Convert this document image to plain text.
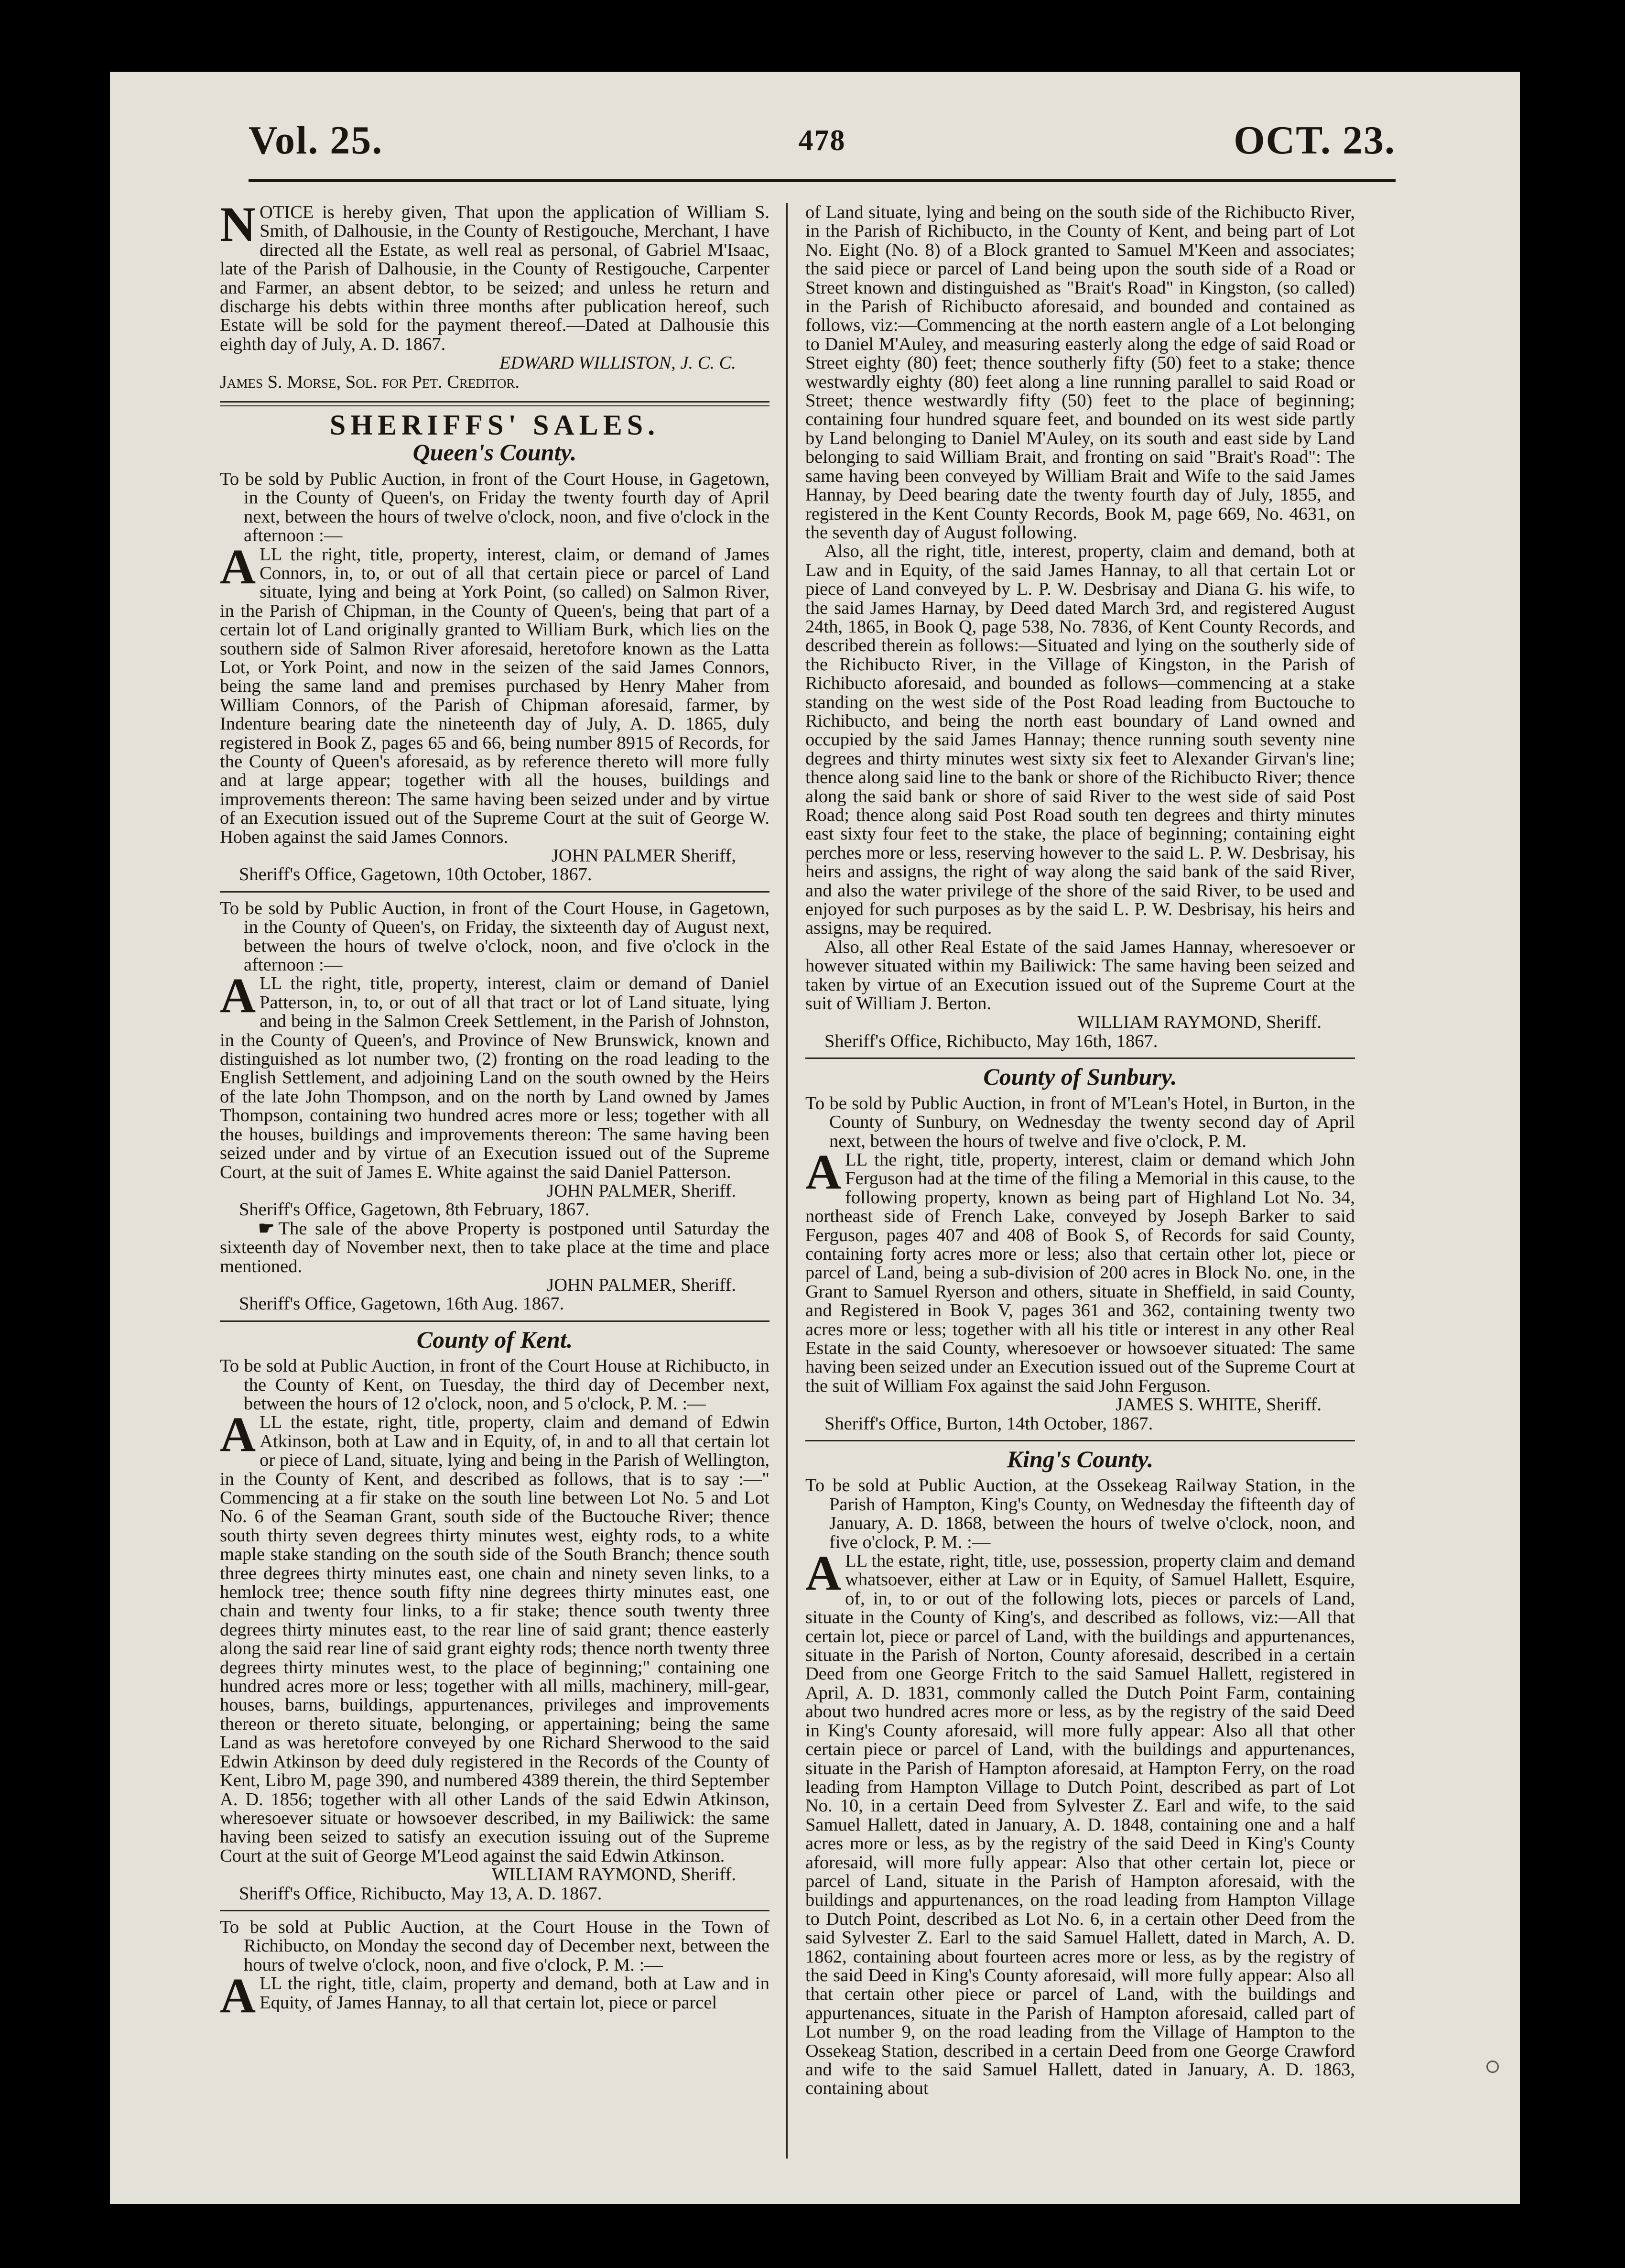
Vol. 25.	478	OCT. 23.

NOTICE is hereby given, That upon the application of William S. Smith, of Dalhousie, in the County of Restigouche, Merchant, I have directed all the Estate, as well real as personal, of Gabriel M'Isaac, late of the Parish of Dalhousie, in the County of Restigouche, Carpenter and Farmer, an absent debtor, to be seized; and unless he return and discharge his debts within three months after publication hereof, such Estate will be sold for the payment thereof.—Dated at Dalhousie this eighth day of July, A. D. 1867.

EDWARD WILLISTON, J. C. C.

James S. Morse, Sol. for Pet. Creditor.

SHERIFFS' SALES.
Queen's County.

To be sold by Public Auction, in front of the Court House, in Gagetown, in the County of Queen's, on Friday the twenty fourth day of April next, between the hours of twelve o'clock, noon, and five o'clock in the afternoon :—

ALL the right, title, property, interest, claim, or demand of James Connors, in, to, or out of all that certain piece or parcel of Land situate, lying and being at York Point, (so called) on Salmon River, in the Parish of Chipman, in the County of Queen's, being that part of a certain lot of Land originally granted to William Burk, which lies on the southern side of Salmon River aforesaid, heretofore known as the Latta Lot, or York Point, and now in the seizen of the said James Connors, being the same land and premises purchased by Henry Maher from William Connors, of the Parish of Chipman aforesaid, farmer, by Indenture bearing date the nineteenth day of July, A. D. 1865, duly registered in Book Z, pages 65 and 66, being number 8915 of Records, for the County of Queen's aforesaid, as by reference thereto will more fully and at large appear; together with all the houses, buildings and improvements thereon: The same having been seized under and by virtue of an Execution issued out of the Supreme Court at the suit of George W. Hoben against the said James Connors.

JOHN PALMER Sheriff,

Sheriff's Office, Gagetown, 10th October, 1867.

To be sold by Public Auction, in front of the Court House, in Gagetown, in the County of Queen's, on Friday, the sixteenth day of August next, between the hours of twelve o'clock, noon, and five o'clock in the afternoon :—

ALL the right, title, property, interest, claim or demand of Daniel Patterson, in, to, or out of all that tract or lot of Land situate, lying and being in the Salmon Creek Settlement, in the Parish of Johnston, in the County of Queen's, and Province of New Brunswick, known and distinguished as lot number two, (2) fronting on the road leading to the English Settlement, and adjoining Land on the south owned by the Heirs of the late John Thompson, and on the north by Land owned by James Thompson, containing two hundred acres more or less; together with all the houses, buildings and improvements thereon: The same having been seized under and by virtue of an Execution issued out of the Supreme Court, at the suit of James E. White against the said Daniel Patterson.

JOHN PALMER, Sheriff.

Sheriff's Office, Gagetown, 8th February, 1867.

☛ The sale of the above Property is postponed until Saturday the sixteenth day of November next, then to take place at the time and place mentioned.

JOHN PALMER, Sheriff.

Sheriff's Office, Gagetown, 16th Aug. 1867.

County of Kent.

To be sold at Public Auction, in front of the Court House at Richibucto, in the County of Kent, on Tuesday, the third day of December next, between the hours of 12 o'clock, noon, and 5 o'clock, P. M. :—

ALL the estate, right, title, property, claim and demand of Edwin Atkinson, both at Law and in Equity, of, in and to all that certain lot or piece of Land, situate, lying and being in the Parish of Wellington, in the County of Kent, and described as follows, that is to say :—" Commencing at a fir stake on the south line between Lot No. 5 and Lot No. 6 of the Seaman Grant, south side of the Buctouche River; thence south thirty seven degrees thirty minutes west, eighty rods, to a white maple stake standing on the south side of the South Branch; thence south three degrees thirty minutes east, one chain and ninety seven links, to a hemlock tree; thence south fifty nine degrees thirty minutes east, one chain and twenty four links, to a fir stake; thence south twenty three degrees thirty minutes east, to the rear line of said grant; thence easterly along the said rear line of said grant eighty rods; thence north twenty three degrees thirty minutes west, to the place of beginning;" containing one hundred acres more or less; together with all mills, machinery, mill-gear, houses, barns, buildings, appurtenances, privileges and improvements thereon or thereto situate, belonging, or appertaining; being the same Land as was heretofore conveyed by one Richard Sherwood to the said Edwin Atkinson by deed duly registered in the Records of the County of Kent, Libro M, page 390, and numbered 4389 therein, the third September A. D. 1856; together with all other Lands of the said Edwin Atkinson, wheresoever situate or howsoever described, in my Bailiwick: the same having been seized to satisfy an execution issuing out of the Supreme Court at the suit of George M'Leod against the said Edwin Atkinson.

WILLIAM RAYMOND, Sheriff.

Sheriff's Office, Richibucto, May 13, A. D. 1867.

To be sold at Public Auction, at the Court House in the Town of Richibucto, on Monday the second day of December next, between the hours of twelve o'clock, noon, and five o'clock, P. M. :—

ALL the right, title, claim, property and demand, both at Law and in Equity, of James Hannay, to all that certain lot, piece or parcel

of Land situate, lying and being on the south side of the Richibucto River, in the Parish of Richibucto, in the County of Kent, and being part of Lot No. Eight (No. 8) of a Block granted to Samuel M'Keen and associates; the said piece or parcel of Land being upon the south side of a Road or Street known and distinguished as "Brait's Road" in Kingston, (so called) in the Parish of Richibucto aforesaid, and bounded and contained as follows, viz:—Commencing at the north eastern angle of a Lot belonging to Daniel M'Auley, and measuring easterly along the edge of said Road or Street eighty (80) feet; thence southerly fifty (50) feet to a stake; thence westwardly eighty (80) feet along a line running parallel to said Road or Street; thence westwardly fifty (50) feet to the place of beginning; containing four hundred square feet, and bounded on its west side partly by Land belonging to Daniel M'Auley, on its south and east side by Land belonging to said William Brait, and fronting on said "Brait's Road": The same having been conveyed by William Brait and Wife to the said James Hannay, by Deed bearing date the twenty fourth day of July, 1855, and registered in the Kent County Records, Book M, page 669, No. 4631, on the seventh day of August following.

Also, all the right, title, interest, property, claim and demand, both at Law and in Equity, of the said James Hannay, to all that certain Lot or piece of Land conveyed by L. P. W. Desbrisay and Diana G. his wife, to the said James Harnay, by Deed dated March 3rd, and registered August 24th, 1865, in Book Q, page 538, No. 7836, of Kent County Records, and described therein as follows:—Situated and lying on the southerly side of the Richibucto River, in the Village of Kingston, in the Parish of Richibucto aforesaid, and bounded as follows—commencing at a stake standing on the west side of the Post Road leading from Buctouche to Richibucto, and being the north east boundary of Land owned and occupied by the said James Hannay; thence running south seventy nine degrees and thirty minutes west sixty six feet to Alexander Girvan's line; thence along said line to the bank or shore of the Richibucto River; thence along the said bank or shore of said River to the west side of said Post Road; thence along said Post Road south ten degrees and thirty minutes east sixty four feet to the stake, the place of beginning; containing eight perches more or less, reserving however to the said L. P. W. Desbrisay, his heirs and assigns, the right of way along the said bank of the said River, and also the water privilege of the shore of the said River, to be used and enjoyed for such purposes as by the said L. P. W. Desbrisay, his heirs and assigns, may be required.

Also, all other Real Estate of the said James Hannay, wheresoever or however situated within my Bailiwick: The same having been seized and taken by virtue of an Execution issued out of the Supreme Court at the suit of William J. Berton.

WILLIAM RAYMOND, Sheriff.

Sheriff's Office, Richibucto, May 16th, 1867.

County of Sunbury.

To be sold by Public Auction, in front of M'Lean's Hotel, in Burton, in the County of Sunbury, on Wednesday the twenty second day of April next, between the hours of twelve and five o'clock, P. M.

ALL the right, title, property, interest, claim or demand which John Ferguson had at the time of the filing a Memorial in this cause, to the following property, known as being part of Highland Lot No. 34, northeast side of French Lake, conveyed by Joseph Barker to said Ferguson, pages 407 and 408 of Book S, of Records for said County, containing forty acres more or less; also that certain other lot, piece or parcel of Land, being a sub-division of 200 acres in Block No. one, in the Grant to Samuel Ryerson and others, situate in Sheffield, in said County, and Registered in Book V, pages 361 and 362, containing twenty two acres more or less; together with all his title or interest in any other Real Estate in the said County, wheresoever or howsoever situated: The same having been seized under an Execution issued out of the Supreme Court at the suit of William Fox against the said John Ferguson.

JAMES S. WHITE, Sheriff.

Sheriff's Office, Burton, 14th October, 1867.

King's County.

To be sold at Public Auction, at the Ossekeag Railway Station, in the Parish of Hampton, King's County, on Wednesday the fifteenth day of January, A. D. 1868, between the hours of twelve o'clock, noon, and five o'clock, P. M. :—

ALL the estate, right, title, use, possession, property claim and demand whatsoever, either at Law or in Equity, of Samuel Hallett, Esquire, of, in, to or out of the following lots, pieces or parcels of Land, situate in the County of King's, and described as follows, viz:—All that certain lot, piece or parcel of Land, with the buildings and appurtenances, situate in the Parish of Norton, County aforesaid, described in a certain Deed from one George Fritch to the said Samuel Hallett, registered in April, A. D. 1831, commonly called the Dutch Point Farm, containing about two hundred acres more or less, as by the registry of the said Deed in King's County aforesaid, will more fully appear: Also all that other certain piece or parcel of Land, with the buildings and appurtenances, situate in the Parish of Hampton aforesaid, at Hampton Ferry, on the road leading from Hampton Village to Dutch Point, described as part of Lot No. 10, in a certain Deed from Sylvester Z. Earl and wife, to the said Samuel Hallett, dated in January, A. D. 1848, containing one and a half acres more or less, as by the registry of the said Deed in King's County aforesaid, will more fully appear: Also that other certain lot, piece or parcel of Land, situate in the Parish of Hampton aforesaid, with the buildings and appurtenances, on the road leading from Hampton Village to Dutch Point, described as Lot No. 6, in a certain other Deed from the said Sylvester Z. Earl to the said Samuel Hallett, dated in March, A. D. 1862, containing about fourteen acres more or less, as by the registry of the said Deed in King's County aforesaid, will more fully appear: Also all that certain other piece or parcel of Land, with the buildings and appurtenances, situate in the Parish of Hampton aforesaid, called part of Lot number 9, on the road leading from the Village of Hampton to the Ossekeag Station, described in a certain Deed from one George Crawford and wife to the said Samuel Hallett, dated in January, A. D. 1863, containing about
